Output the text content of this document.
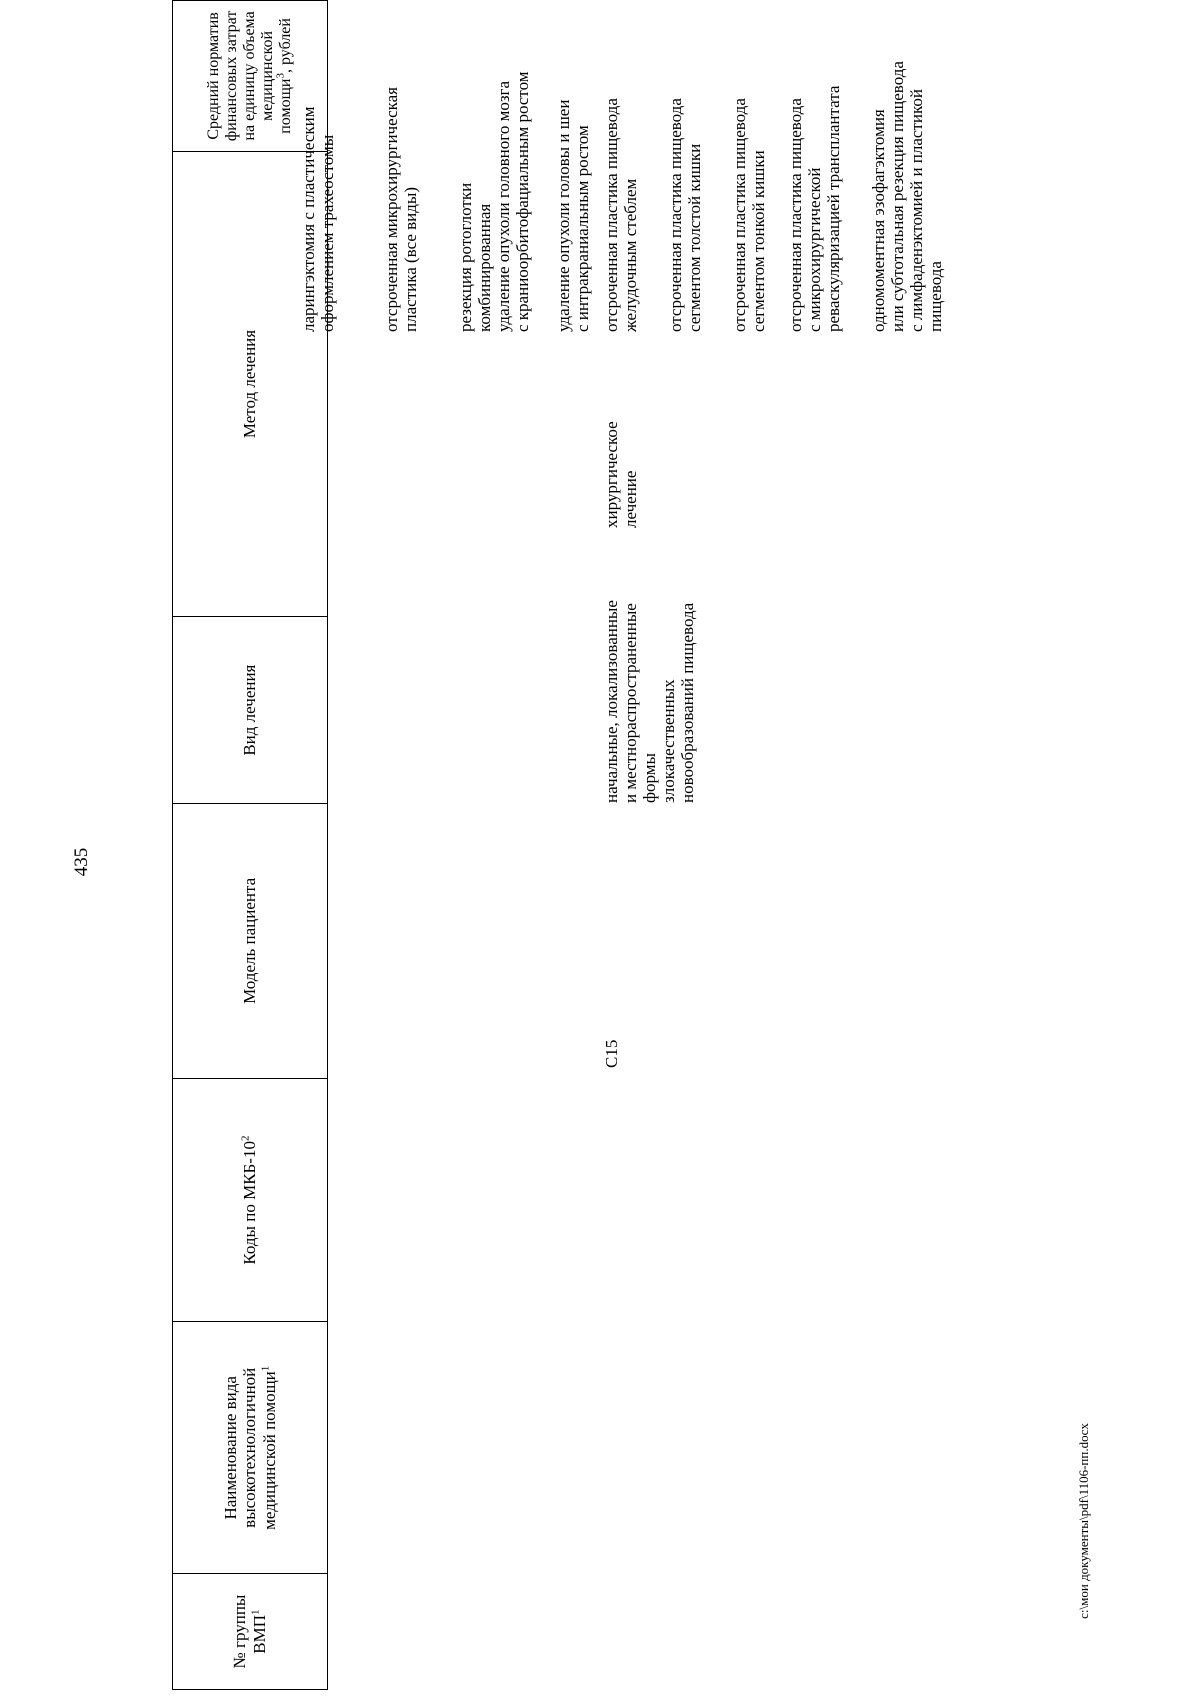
435
№ группы ВМП$^1$
Наименование вида высокотехнологичной медицинской помощи$^1$
Коды по МКБ-$10^2$
Модель пациента
Вид лечения
Метод лечения
Средний норматив финансовых затрат на единицу объема медицинской помощи$^3$, рублей
C15
начальные, локализованные и местнораспространенные формы злокачественных новообразований пищевода
хирургическое лечение
ларингэктомия с пластическим оформлением трахеостомы	отсроченная микрохирургическая пластика (все виды) резекция ротоглотки комбинированная удаление опухоли головного мозга с краниоорбитофациальным ростом удаление опухоли головы и шеи с интракраниальным ростом отсроченная пластика пищевода желудочным стеблем отсроченная пластика пищевода сегментом толстой кишки отсроченная пластика пищевода сегментом тонкой кишки отсроченная пластика пищевода с микрохирургической реваскуляризацией трансплантата одномоментная эзофагэктомия или субтотальная резекция пищевода с лимфаденэктомией и пластикой пищевода
c:\мои документы\pdf\1106-пп.docx
